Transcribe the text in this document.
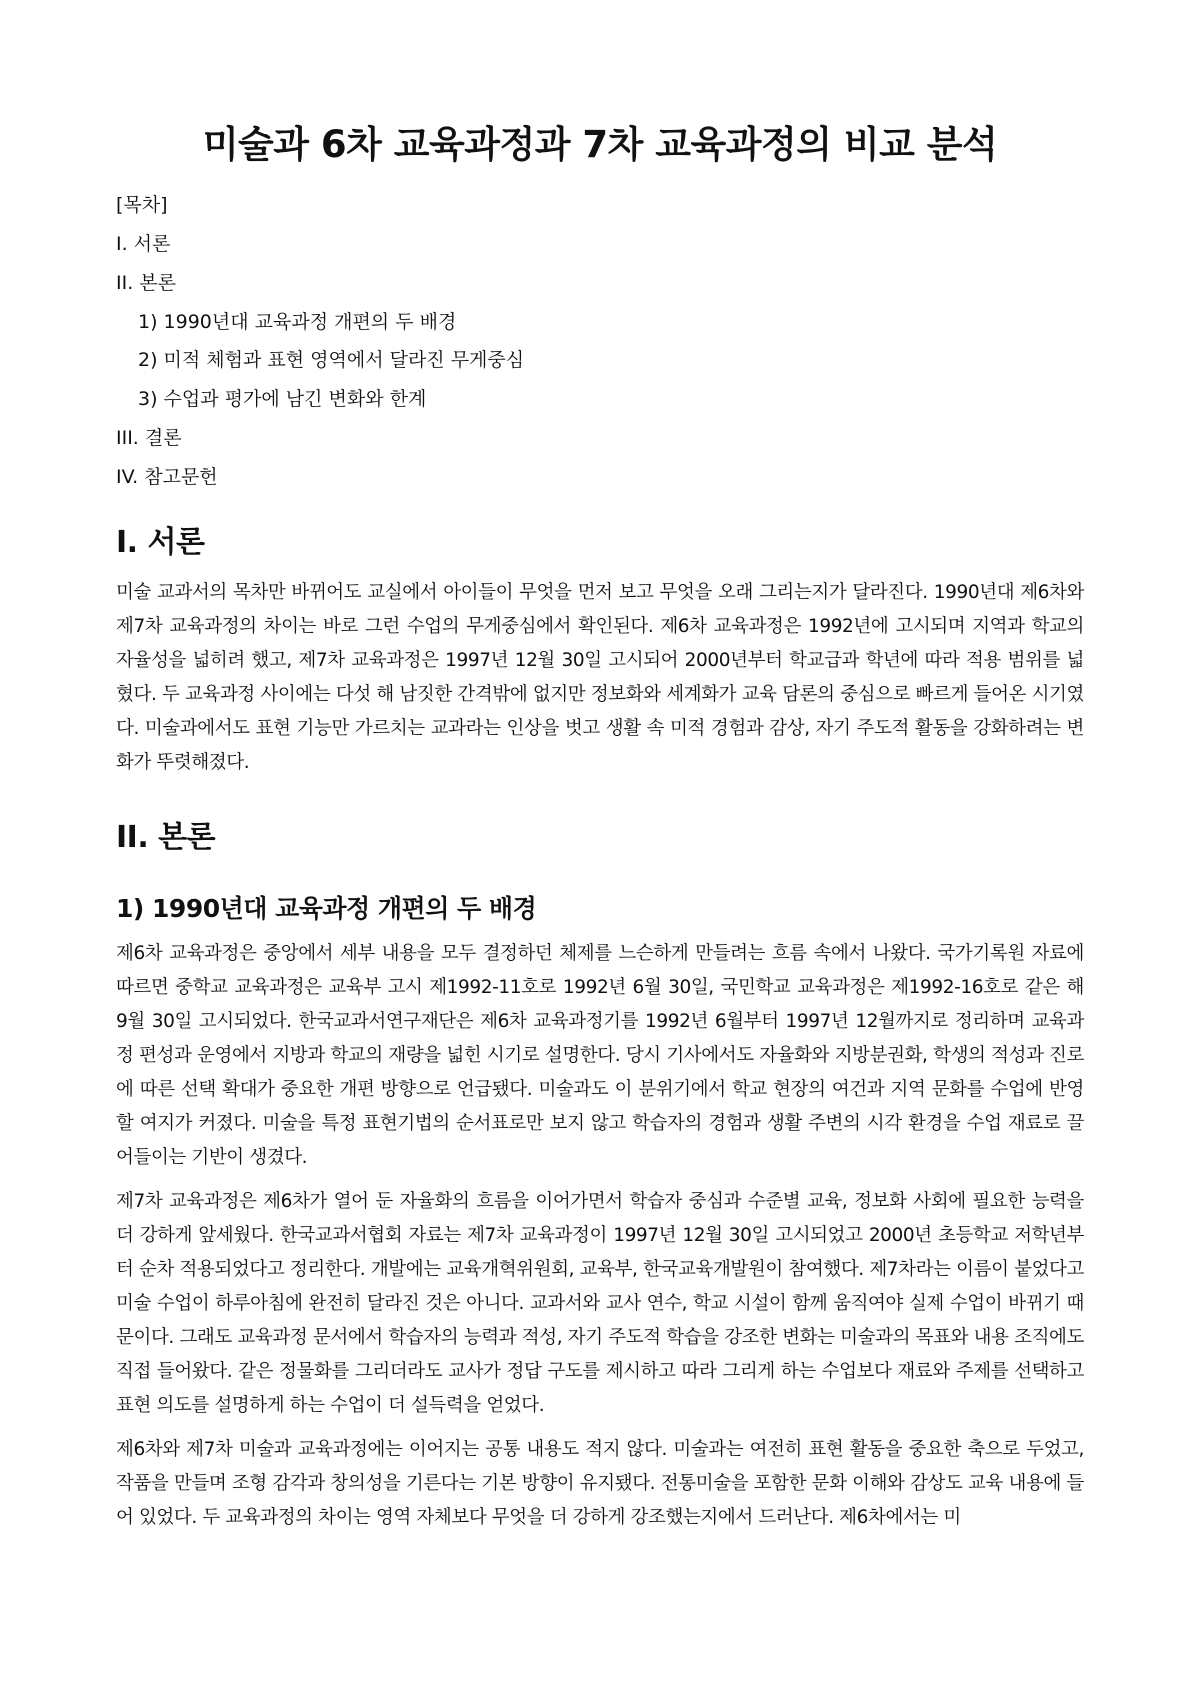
미술과 6차 교육과정과 7차 교육과정의 비교 분석
[목차]
I. 서론
II. 본론
1) 1990년대 교육과정 개편의 두 배경
2) 미적 체험과 표현 영역에서 달라진 무게중심
3) 수업과 평가에 남긴 변화와 한계
III. 결론
IV. 참고문헌
I. 서론

미술 교과서의 목차만 바뀌어도 교실에서 아이들이 무엇을 먼저 보고 무엇을 오래 그리는지가 달라진다. 1990년대 제6차와 제7차 교육과정의 차이는 바로 그런 수업의 무게중심에서 확인된다. 제6차 교육과정은 1992년에 고시되며 지역과 학교의 자율성을 넓히려 했고, 제7차 교육과정은 1997년 12월 30일 고시되어 2000년부터 학교급과 학년에 따라 적용 범위를 넓혔다. 두 교육과정 사이에는 다섯 해 남짓한 간격밖에 없지만 정보화와 세계화가 교육 담론의 중심으로 빠르게 들어온 시기였다. 미술과에서도 표현 기능만 가르치는 교과라는 인상을 벗고 생활 속 미적 경험과 감상, 자기 주도적 활동을 강화하려는 변화가 뚜렷해졌다.

II. 본론
1) 1990년대 교육과정 개편의 두 배경

제6차 교육과정은 중앙에서 세부 내용을 모두 결정하던 체제를 느슨하게 만들려는 흐름 속에서 나왔다. 국가기록원 자료에 따르면 중학교 교육과정은 교육부 고시 제1992-11호로 1992년 6월 30일, 국민학교 교육과정은 제1992-16호로 같은 해 9월 30일 고시되었다. 한국교과서연구재단은 제6차 교육과정기를 1992년 6월부터 1997년 12월까지로 정리하며 교육과정 편성과 운영에서 지방과 학교의 재량을 넓힌 시기로 설명한다. 당시 기사에서도 자율화와 지방분권화, 학생의 적성과 진로에 따른 선택 확대가 중요한 개편 방향으로 언급됐다. 미술과도 이 분위기에서 학교 현장의 여건과 지역 문화를 수업에 반영할 여지가 커졌다. 미술을 특정 표현기법의 순서표로만 보지 않고 학습자의 경험과 생활 주변의 시각 환경을 수업 재료로 끌어들이는 기반이 생겼다.

제7차 교육과정은 제6차가 열어 둔 자율화의 흐름을 이어가면서 학습자 중심과 수준별 교육, 정보화 사회에 필요한 능력을 더 강하게 앞세웠다. 한국교과서협회 자료는 제7차 교육과정이 1997년 12월 30일 고시되었고 2000년 초등학교 저학년부터 순차 적용되었다고 정리한다. 개발에는 교육개혁위원회, 교육부, 한국교육개발원이 참여했다. 제7차라는 이름이 붙었다고 미술 수업이 하루아침에 완전히 달라진 것은 아니다. 교과서와 교사 연수, 학교 시설이 함께 움직여야 실제 수업이 바뀌기 때문이다. 그래도 교육과정 문서에서 학습자의 능력과 적성, 자기 주도적 학습을 강조한 변화는 미술과의 목표와 내용 조직에도 직접 들어왔다. 같은 정물화를 그리더라도 교사가 정답 구도를 제시하고 따라 그리게 하는 수업보다 재료와 주제를 선택하고 표현 의도를 설명하게 하는 수업이 더 설득력을 얻었다.

제6차와 제7차 미술과 교육과정에는 이어지는 공통 내용도 적지 않다. 미술과는 여전히 표현 활동을 중요한 축으로 두었고, 작품을 만들며 조형 감각과 창의성을 기른다는 기본 방향이 유지됐다. 전통미술을 포함한 문화 이해와 감상도 교육 내용에 들어 있었다. 두 교육과정의 차이는 영역 자체보다 무엇을 더 강하게 강조했는지에서 드러난다. 제6차에서는 미
